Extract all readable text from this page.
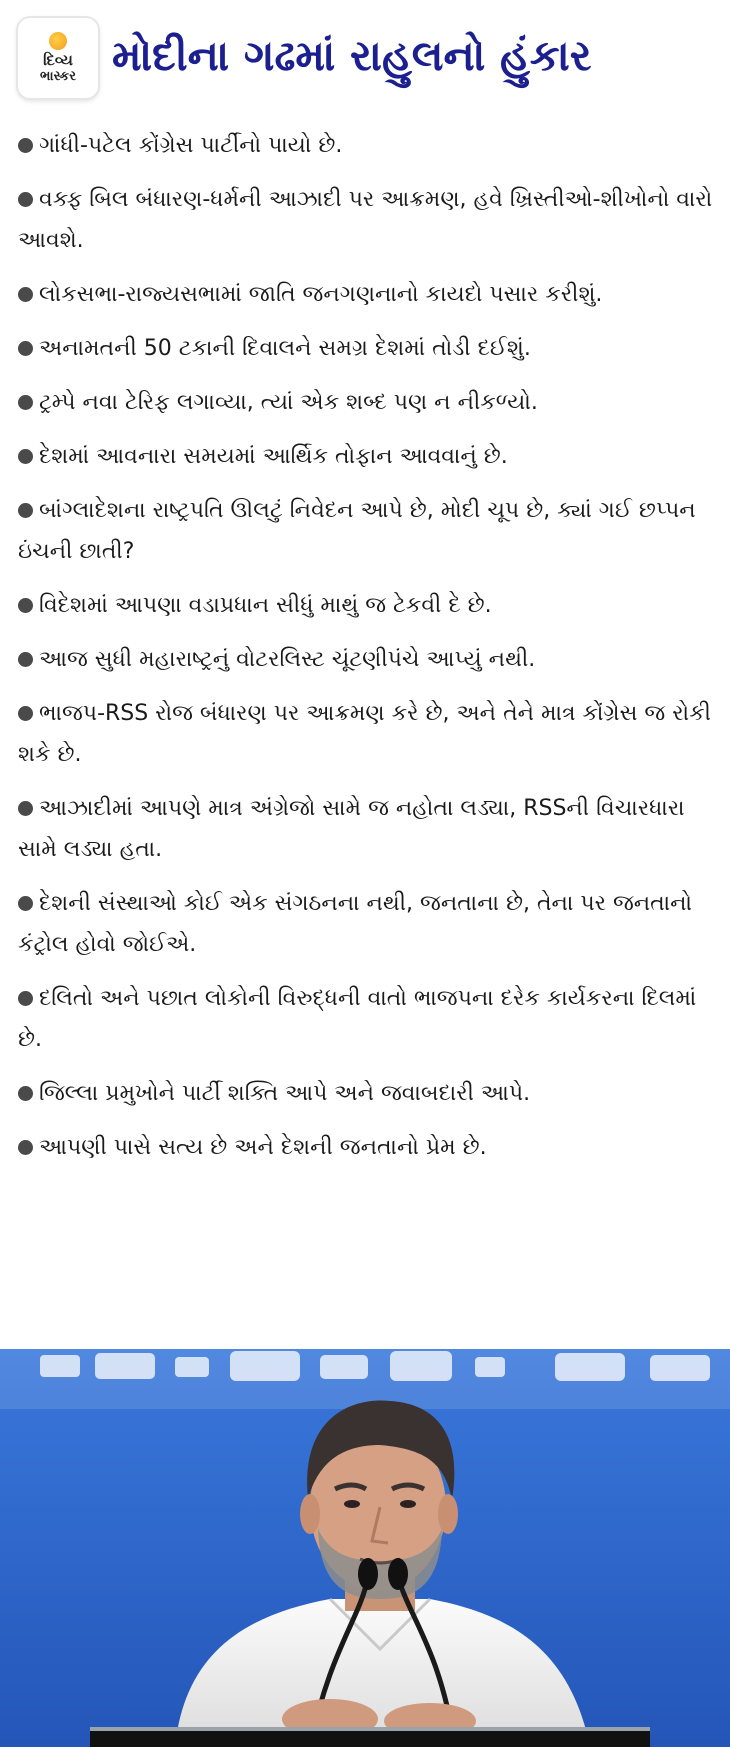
દિવ્ય
ભાસ્કર મોદીના ગઢમાં રાહુલનો હુંકાર
ગાંધી-પટેલ કોંગ્રેસ પાર્ટીનો પાયો છે.
વક્ફ બિલ બંધારણ-ધર્મની આઝાદી પર આક્રમણ, હવે ખ્રિસ્તીઓ-શીખોનો વારો આવશે.
લોકસભા-રાજ્યસભામાં જાતિ જનગણનાનો કાયદો પસાર કરીશું.
અનામતની 50 ટકાની દિવાલને સમગ્ર દેશમાં તોડી દઈશું.
ટ્રમ્પે નવા ટેરિફ લગાવ્યા, ત્યાં એક શબ્દ પણ ન નીકળ્યો.
દેશમાં આવનારા સમયમાં આર્થિક તોફાન આવવાનું છે.
બાંગ્લાદેશના રાષ્ટ્રપતિ ઊલટું નિવેદન આપે છે, મોદી ચૂપ છે, ક્યાં ગઈ છપ્પન ઇંચની છાતી?
વિદેશમાં આપણા વડાપ્રધાન સીધું માથું જ ટેકવી દે છે.
આજ સુધી મહારાષ્ટ્રનું વોટરલિસ્ટ ચૂંટણીપંચે આપ્યું નથી.
ભાજપ-RSS રોજ બંધારણ પર આક્રમણ કરે છે, અને તેને માત્ર કોંગ્રેસ જ રોકી શકે છે.
આઝાદીમાં આપણે માત્ર અંગ્રેજો સામે જ નહોતા લડ્યા, RSSની વિચારધારા સામે લડ્યા હતા.
દેશની સંસ્થાઓ કોઈ એક સંગઠનના નથી, જનતાના છે, તેના પર જનતાનો કંટ્રોલ હોવો જોઈએ.
દલિતો અને પછાત લોકોની વિરુદ્ધની વાતો ભાજપના દરેક કાર્યકરના દિલમાં છે.
જિલ્લા પ્રમુખોને પાર્ટી શક્તિ આપે અને જવાબદારી આપે.
આપણી પાસે સત્ય છે અને દેશની જનતાનો પ્રેમ છે.
